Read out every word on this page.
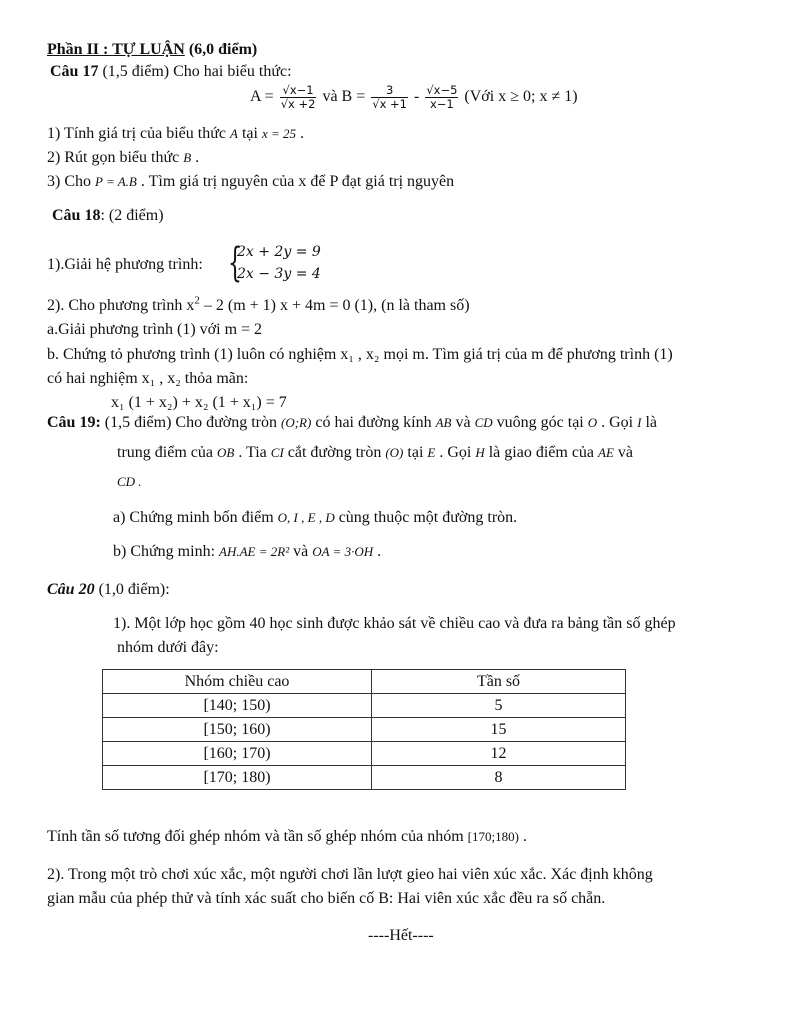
Phần II : TỰ LUẬN (6,0 điểm)
Câu 17 (1,5 điểm) Cho hai biểu thức:
$A = \frac{√x-1}{√x +2}$ và $B = \frac{3}{√x +1} - \frac{√x-5}{x-1}$ (Với x ≥ 0; x ≠ 1)
1) Tính giá trị của biểu thức A tại x = 25 .
2) Rút gọn biểu thức B .
3) Cho P = A.B . Tìm giá trị nguyên của x để P đạt giá trị nguyên
Câu 18: (2 điểm)
1).Giải hệ phương trình: {
2x + 2y = 9
2x − 3y = 4
2). Cho phương trình $x^2 - 2$ (m + 1) x + 4m = 0 (1), (n là tham số)
a.Giải phương trình (1) với m = 2
b. Chứng tỏ phương trình (1) luôn có nghiệm x₁ , x₂ mọi m. Tìm giá trị của m để phương trình (1)
có hai nghiệm x₁ , x₂ thỏa mãn:
x₁ (1 + x₂) + x₂ (1 + x₁) = 7
Câu 19: (1,5 điểm) Cho đường tròn (O;R) có hai đường kính AB và CD vuông góc tại O . Gọi I là
trung điểm của OB . Tia CI cắt đường tròn (O) tại E . Gọi H là giao điểm của AE và
CD .
a) Chứng minh bốn điểm O, I , E , D cùng thuộc một đường tròn.
b) Chứng minh: AH.AE = 2R² và OA = 3·OH .
Câu 20 (1,0 điểm):
1). Một lớp học gồm 40 học sinh được khảo sát về chiều cao và đưa ra bảng tần số ghép
nhóm dưới đây:
Nhóm chiều cao	Tần số
[140; 150)	5
[150; 160)	15
[160; 170)	12
[170; 180)	8
Tính tần số tương đối ghép nhóm và tần số ghép nhóm của nhóm [170;180) .
2). Trong một trò chơi xúc xắc, một người chơi lần lượt gieo hai viên xúc xắc. Xác định không
gian mẫu của phép thử và tính xác suất cho biến cố B: Hai viên xúc xắc đều ra số chẵn.
----Hết----
